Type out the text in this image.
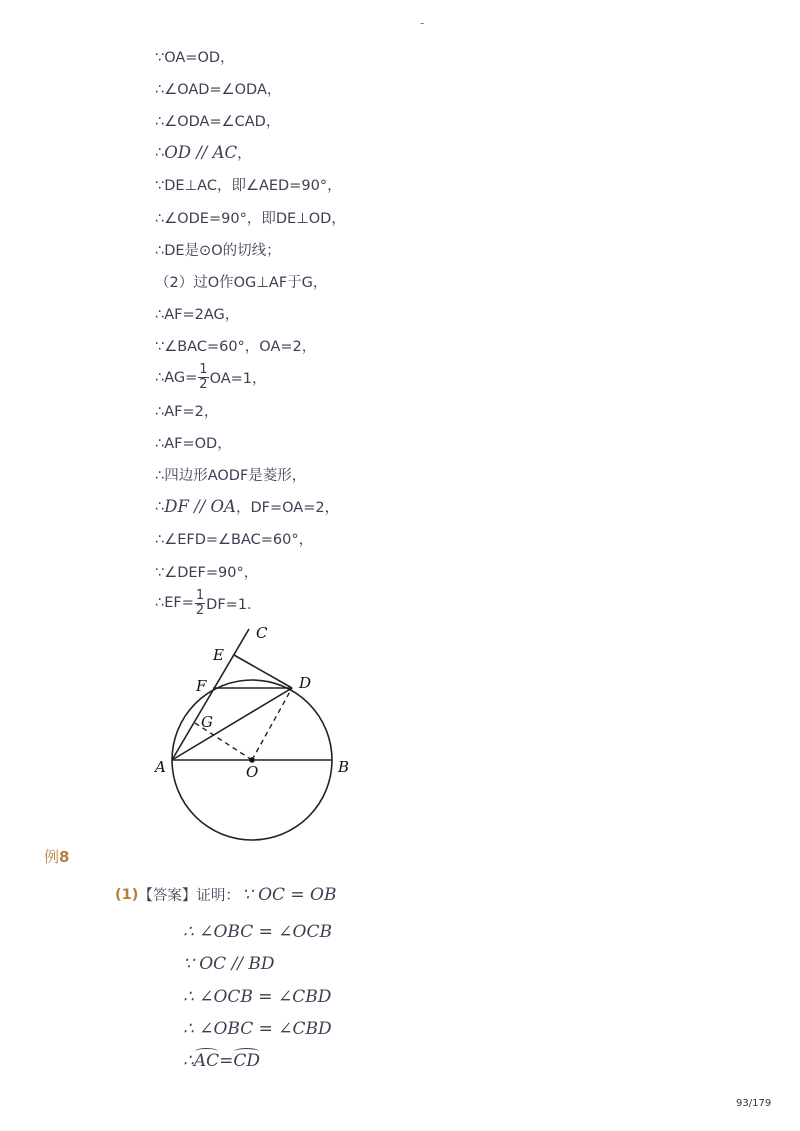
-
∵OA=OD，
∴∠OAD=∠ODA，
∴∠ODA=∠CAD，
∴ OD // AC ，
∵DE⊥AC，即∠AED=90°，
∴∠ODE=90°，即DE⊥OD，
∴DE是⊙O的切线；
（2）过O作OG⊥AF于G，
∴AF=2AG，
∵∠BAC=60°，OA=2，
∴AG= $\frac{1}{2} OA=1$，
∴AF=2，
∴AF=OD，
∴四边形AODF是菱形，
∴ DF // OA ，DF=OA=2，
∴∠EFD=∠BAC=60°，
∵∠DEF=90°，
∴EF= $\frac{1}{2} DF=1$．
C
E
F	D
G
A	O	B
例8
(1) 【答案】证明： ∵ OC = OB
∴ ∠OBC = ∠OCB
∵ OC // BD
∴ ∠OCB = ∠CBD
∴ ∠OBC = ∠CBD
∴ AC = CD
93/179
